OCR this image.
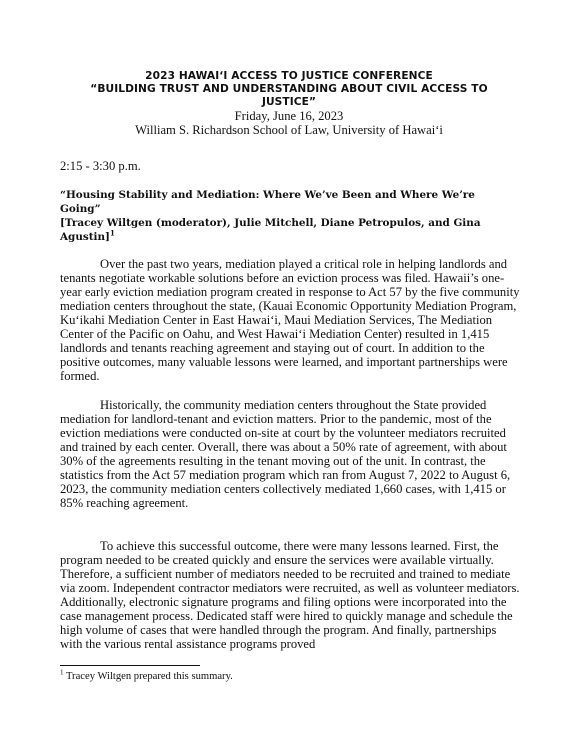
2023 HAWAIʻI ACCESS TO JUSTICE CONFERENCE
“BUILDING TRUST AND UNDERSTANDING ABOUT CIVIL ACCESS TO
JUSTICE”
Friday, June 16, 2023
William S. Richardson School of Law, University of Hawaiʻi
2:15 - 3:30 p.m.
“Housing Stability and Mediation: Where We’ve Been and Where We’re
Going”
[Tracey Wiltgen (moderator), Julie Mitchell, Diane Petropulos, and Gina
Agustin]$^1$

Over the past two years, mediation played a critical role in helping landlords and tenants negotiate workable solutions before an eviction process was filed. Hawaii’s one-year early eviction mediation program created in response to Act 57 by the five community mediation centers throughout the state, (Kauai Economic Opportunity Mediation Program, Kuʻikahi Mediation Center in East Hawaiʻi, Maui Mediation Services, The Mediation Center of the Pacific on Oahu, and West Hawaiʻi Mediation Center) resulted in 1,415 landlords and tenants reaching agreement and staying out of court. In addition to the positive outcomes, many valuable lessons were learned, and important partnerships were formed.

Historically, the community mediation centers throughout the State provided mediation for landlord-tenant and eviction matters. Prior to the pandemic, most of the eviction mediations were conducted on-site at court by the volunteer mediators recruited and trained by each center. Overall, there was about a 50% rate of agreement, with about 30% of the agreements resulting in the tenant moving out of the unit. In contrast, the statistics from the Act 57 mediation program which ran from August 7, 2022 to August 6, 2023, the community mediation centers collectively mediated 1,660 cases, with 1,415 or 85% reaching agreement.

To achieve this successful outcome, there were many lessons learned. First, the program needed to be created quickly and ensure the services were available virtually. Therefore, a sufficient number of mediators needed to be recruited and trained to mediate via zoom. Independent contractor mediators were recruited, as well as volunteer mediators. Additionally, electronic signature programs and filing options were incorporated into the case management process. Dedicated staff were hired to quickly manage and schedule the high volume of cases that were handled through the program. And finally, partnerships with the various rental assistance programs proved

$^1$ Tracey Wiltgen prepared this summary.
